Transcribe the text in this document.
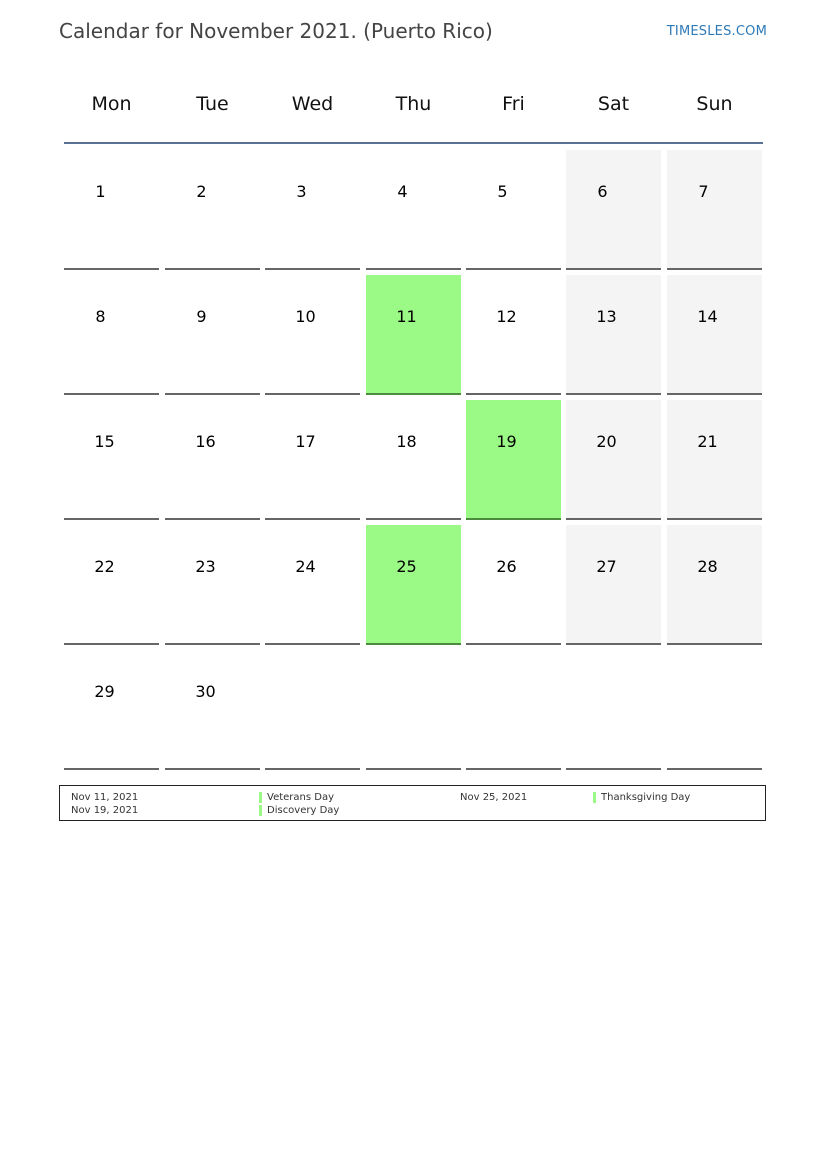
Calendar for November 2021. (Puerto Rico)	TIMESLES.COM
Mon	Tue	Wed	Thu	Fri	Sat	Sun
1	2	3	4	5	6	7
8	9	10	11	12	13	14
15	16	17	18	19	20	21
22	23	24	25	26	27	28
29	30
Nov 11, 2021	Veterans Day
Nov 19, 2021	Discovery Day
Nov 25, 2021	Thanksgiving Day
